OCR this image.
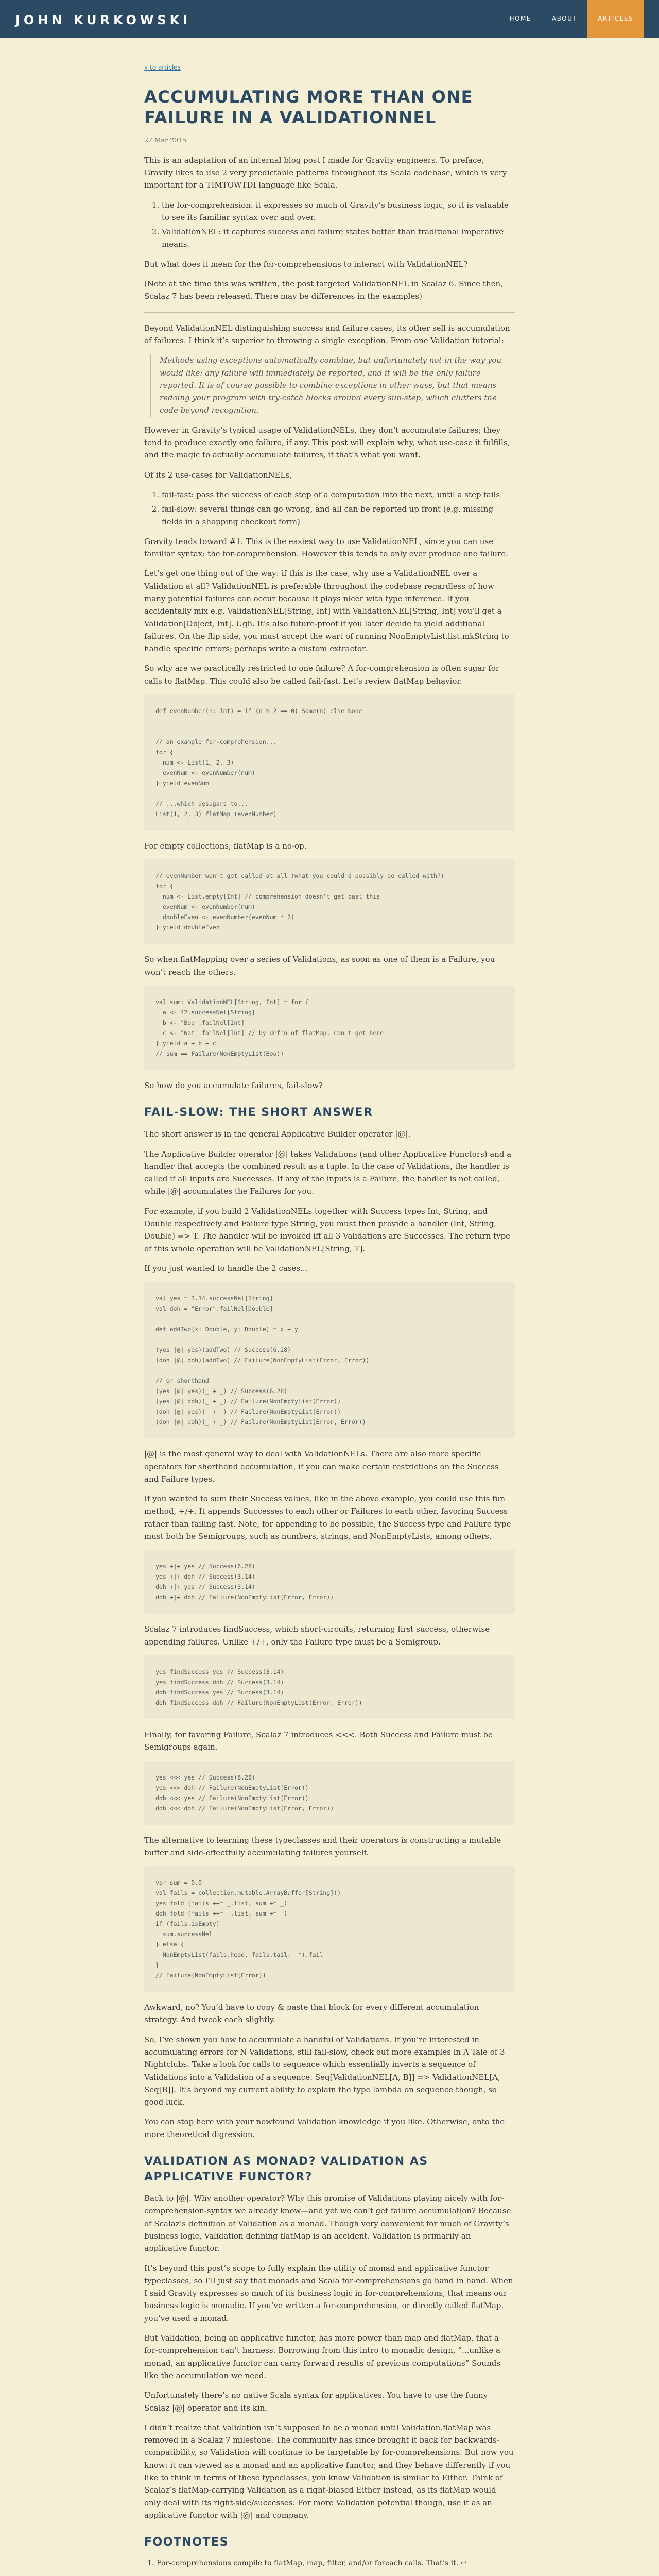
JOHN KURKOWSKI	HOME	ABOUT	ARTICLES
« to articles
ACCUMULATING MORE THAN ONE FAILURE IN A VALIDATIONNEL
27 Mar 2015

This is an adaptation of an internal blog post I made for Gravity engineers. To preface, Gravity likes to use 2 very predictable patterns throughout its Scala codebase, which is very important for a TIMTOWTDI language like Scala.

1. the for-comprehension: it expresses so much of Gravity’s business logic, so it is valuable to see its familiar syntax over and over.
2. ValidationNEL: it captures success and failure states better than traditional imperative means.

But what does it mean for the for-comprehensions to interact with ValidationNEL?

(Note at the time this was written, the post targeted ValidationNEL in Scalaz 6. Since then, Scalaz 7 has been released. There may be differences in the examples)

Beyond ValidationNEL distinguishing success and failure cases, its other sell is accumulation of failures. I think it’s superior to throwing a single exception. From one Validation tutorial:

Methods using exceptions automatically combine, but unfortunately not in the way you would like: any failure will immediately be reported, and it will be the only failure reported. It is of course possible to combine exceptions in other ways, but that means redoing your program with try-catch blocks around every sub-step, which clutters the code beyond recognition.

However in Gravity’s typical usage of ValidationNELs, they don’t accumulate failures; they tend to produce exactly one failure, if any. This post will explain why, what use-case it fulfills, and the magic to actually accumulate failures, if that’s what you want.

Of its 2 use-cases for ValidationNELs,

1. fail-fast: pass the success of each step of a computation into the next, until a step fails
2. fail-slow: several things can go wrong, and all can be reported up front (e.g. missing fields in a shopping checkout form)

Gravity tends toward #1. This is the easiest way to use ValidationNEL, since you can use familiar syntax: the for-comprehension. However this tends to only ever produce one failure.

Let’s get one thing out of the way: if this is the case, why use a ValidationNEL over a Validation at all? ValidationNEL is preferable throughout the codebase regardless of how many potential failures can occur because it plays nicer with type inference. If you accidentally mix e.g. ValidationNEL[String, Int] with ValidationNEL[String, Int] you’ll get a Validation[Object, Int]. Ugh. It’s also future-proof if you later decide to yield additional failures. On the flip side, you must accept the wart of running NonEmptyList.list.mkString to handle specific errors; perhaps write a custom extractor.

So why are we practically restricted to one failure? A for-comprehension is often sugar for calls to flatMap. This could also be called fail-fast. Let’s review flatMap behavior.

def evenNumber(n: Int) = if (n % 2 == 0) Some(n) else None

// an example for-comprehension...
for {
num <- List(1, 2, 3)
evenNum <- evenNumber(num)
} yield evenNum

// ...which desugars to...
List(1, 2, 3) flatMap (evenNumber)

For empty collections, flatMap is a no-op.

// evenNumber won't get called at all (what you could'd possibly be called with?)
for {
num <- List.empty[Int] // comprehension doesn't get past this
evenNum <- evenNumber(num)
doubleEven <- evenNumber(evenNum * 2)
} yield doubleEven

So when flatMapping over a series of Validations, as soon as one of them is a Failure, you won’t reach the others.

val sum: ValidationNEL[String, Int] = for {
a <- 42.successNel[String]
b <- "Boo".failNel[Int]
c <- "Wat".failNel[Int] // by def'n of flatMap, can't get here
} yield a + b + c
// sum == Failure(NonEmptyList(Boo))

So how do you accumulate failures, fail-slow?

FAIL-SLOW: THE SHORT ANSWER

The short answer is in the general Applicative Builder operator |@|.

The Applicative Builder operator |@| takes Validations (and other Applicative Functors) and a handler that accepts the combined result as a tuple. In the case of Validations, the handler is called if all inputs are Successes. If any of the inputs is a Failure, the handler is not called, while |@| accumulates the Failures for you.

For example, if you build 2 ValidationNELs together with Success types Int, String, and Double respectively and Failure type String, you must then provide a handler (Int, String, Double) => T. The handler will be invoked iff all 3 Validations are Successes. The return type of this whole operation will be ValidationNEL[String, T].

If you just wanted to handle the 2 cases...

val yes = 3.14.successNel[String]
val doh = "Error".failNel[Double]

def addTwo(x: Double, y: Double) = x + y

(yes |@| yes)(addTwo) // Success(6.28)
(doh |@| doh)(addTwo) // Failure(NonEmptyList(Error, Error))

// or shorthand
(yes |@| yes)(_ + _) // Success(6.28)
(yes |@| doh)(_ + _) // Failure(NonEmptyList(Error))
(doh |@| yes)(_ + _) // Failure(NonEmptyList(Error))
(doh |@| doh)(_ + _) // Failure(NonEmptyList(Error, Error))

|@| is the most general way to deal with ValidationNELs. There are also more specific operators for shorthand accumulation, if you can make certain restrictions on the Success and Failure types.

If you wanted to sum their Success values, like in the above example, you could use this fun method, +/+. It appends Successes to each other or Failures to each other, favoring Success rather than failing fast. Note, for appending to be possible, the Success type and Failure type must both be Semigroups, such as numbers, strings, and NonEmptyLists, among others.

yes +|+ yes // Success(6.28)
yes +|+ doh // Success(3.14)
doh +|+ yes // Success(3.14)
doh +|+ doh // Failure(NonEmptyList(Error, Error))

Scalaz 7 introduces findSuccess, which short-circuits, returning first success, otherwise appending failures. Unlike +/+, only the Failure type must be a Semigroup.

yes findSuccess yes // Success(3.14)
yes findSuccess doh // Success(3.14)
doh findSuccess yes // Success(3.14)
doh findSuccess doh // Failure(NonEmptyList(Error, Error))

Finally, for favoring Failure, Scalaz 7 introduces <<<. Both Success and Failure must be Semigroups again.

yes <<< yes // Success(6.28)
yes <<< doh // Failure(NonEmptyList(Error))
doh <<< yes // Failure(NonEmptyList(Error))
doh <<< doh // Failure(NonEmptyList(Error, Error))

The alternative to learning these typeclasses and their operators is constructing a mutable buffer and side-effectfully accumulating failures yourself.

var sum = 0.0
val fails = collection.mutable.ArrayBuffer[String]()
yes fold (fails ++= _.list, sum += _)
doh fold (fails ++= _.list, sum += _)
if (fails.isEmpty)
sum.successNel
} else {
NonEmptyList(fails.head, fails.tail: _*).fail
}
// Failure(NonEmptyList(Error))

Awkward, no? You’d have to copy & paste that block for every different accumulation strategy. And tweak each slightly.

So, I’ve shown you how to accumulate a handful of Validations. If you’re interested in accumulating errors for N Validations, still fail-slow, check out more examples in A Tale of 3 Nightclubs. Take a look for calls to sequence which essentially inverts a sequence of Validations into a Validation of a sequence: Seq[ValidationNEL[A, B]] => ValidationNEL[A, Seq[B]]. It’s beyond my current ability to explain the type lambda on sequence though, so good luck.

You can stop here with your newfound Validation knowledge if you like. Otherwise, onto the more theoretical digression.

VALIDATION AS MONAD? VALIDATION AS APPLICATIVE FUNCTOR?

Back to |@|. Why another operator? Why this promise of Validations playing nicely with for-comprehension-syntax we already know—and yet we can’t get failure accumulation? Because of Scalaz’s definition of Validation as a monad. Though very convenient for much of Gravity’s business logic, Validation defining flatMap is an accident. Validation is primarily an applicative functor.

It’s beyond this post’s scope to fully explain the utility of monad and applicative functor typeclasses, so I’ll just say that monads and Scala for-comprehensions go hand in hand. When I said Gravity expresses so much of its business logic in for-comprehensions, that means our business logic is monadic. If you’ve written a for-comprehension, or directly called flatMap, you’ve used a monad.

But Validation, being an applicative functor, has more power than map and flatMap, that a for-comprehension can’t harness. Borrowing from this intro to monadic design, “...unlike a monad, an applicative functor can carry forward results of previous computations” Sounds like the accumulation we need.

Unfortunately there’s no native Scala syntax for applicatives. You have to use the funny Scalaz |@| operator and its kin.

I didn’t realize that Validation isn’t supposed to be a monad until Validation.flatMap was removed in a Scalaz 7 milestone. The community has since brought it back for backwards-compatibility, so Validation will continue to be targetable by for-comprehensions. But now you know: it can viewed as a monad and an applicative functor, and they behave differently if you like to think in terms of these typeclasses, you know Validation is similar to Either. Think of Scalaz’s flatMap-carrying Validation as a right-biased Either instead, as its flatMap would only deal with its right-side/successes. For more Validation potential though, use it as an applicative functor with |@| and company.

FOOTNOTES
1. For-comprehensions compile to flatMap, map, filter, and/or foreach calls. That’s it. ↩
2.
